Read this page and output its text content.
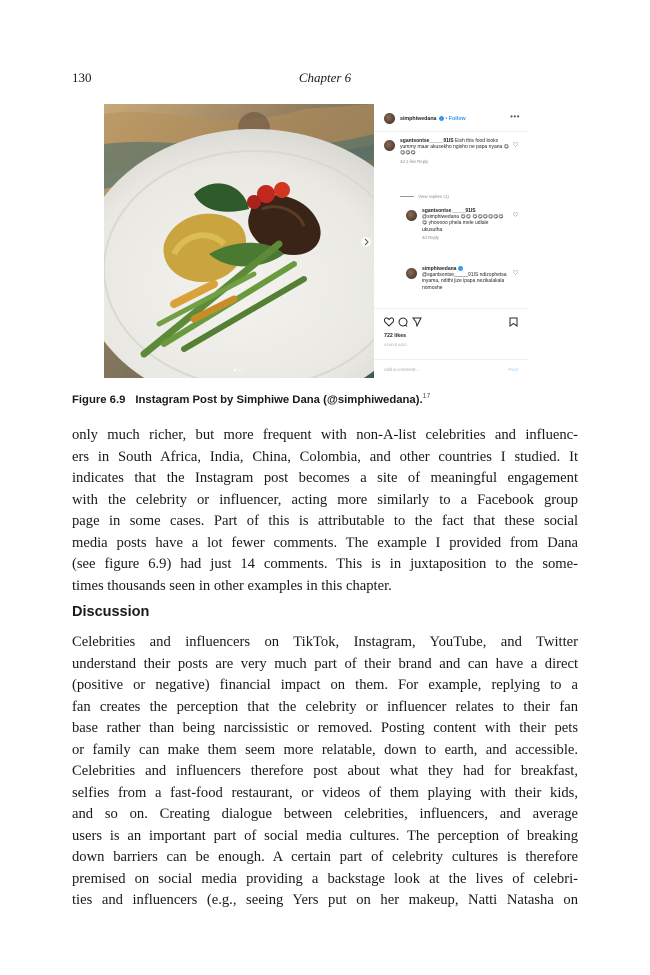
130	Chapter 6
simphiwedana • Follow	•••
sgantsontse_____91IS Eish this food looks yummy maar akusekho ngisho ne papa nyana 😋😋😋😋
4d 1 like Reply
View replies (1)
sgantsontse_____91IS @simphiwedana 😋😋 😋😋😋😋😋😋 😋 yhooooo phela mele udlale ukusutha
4d Reply
simphiwedana @sgantsontse_____91IS ndizophetsa inyama, ndithi jize ipapa nezikalakala nomoshe
722 likes
4 DAYS AGO
Add a comment...	Post
Figure 6.9 Instagram Post by Simphiwe Dana (@simphiwedana).$^{17}$
only much richer, but more frequent with non-A-list celebrities and influenc-
ers in South Africa, India, China, Colombia, and other countries I studied. It
indicates that the Instagram post becomes a site of meaningful engagement
with the celebrity or influencer, acting more similarly to a Facebook group
page in some cases. Part of this is attributable to the fact that these social
media posts have a lot fewer comments. The example I provided from Dana
(see figure 6.9) had just 14 comments. This is in juxtaposition to the some-
times thousands seen in other examples in this chapter.
Discussion
Celebrities and influencers on TikTok, Instagram, YouTube, and Twitter
understand their posts are very much part of their brand and can have a direct
(positive or negative) financial impact on them. For example, replying to a
fan creates the perception that the celebrity or influencer relates to their fan
base rather than being narcissistic or removed. Posting content with their pets
or family can make them seem more relatable, down to earth, and accessible.
Celebrities and influencers therefore post about what they had for breakfast,
selfies from a fast-food restaurant, or videos of them playing with their kids,
and so on. Creating dialogue between celebrities, influencers, and average
users is an important part of social media cultures. The perception of breaking
down barriers can be enough. A certain part of celebrity cultures is therefore
premised on social media providing a backstage look at the lives of celebri-
ties and influencers (e.g., seeing Yers put on her makeup, Natti Natasha on
